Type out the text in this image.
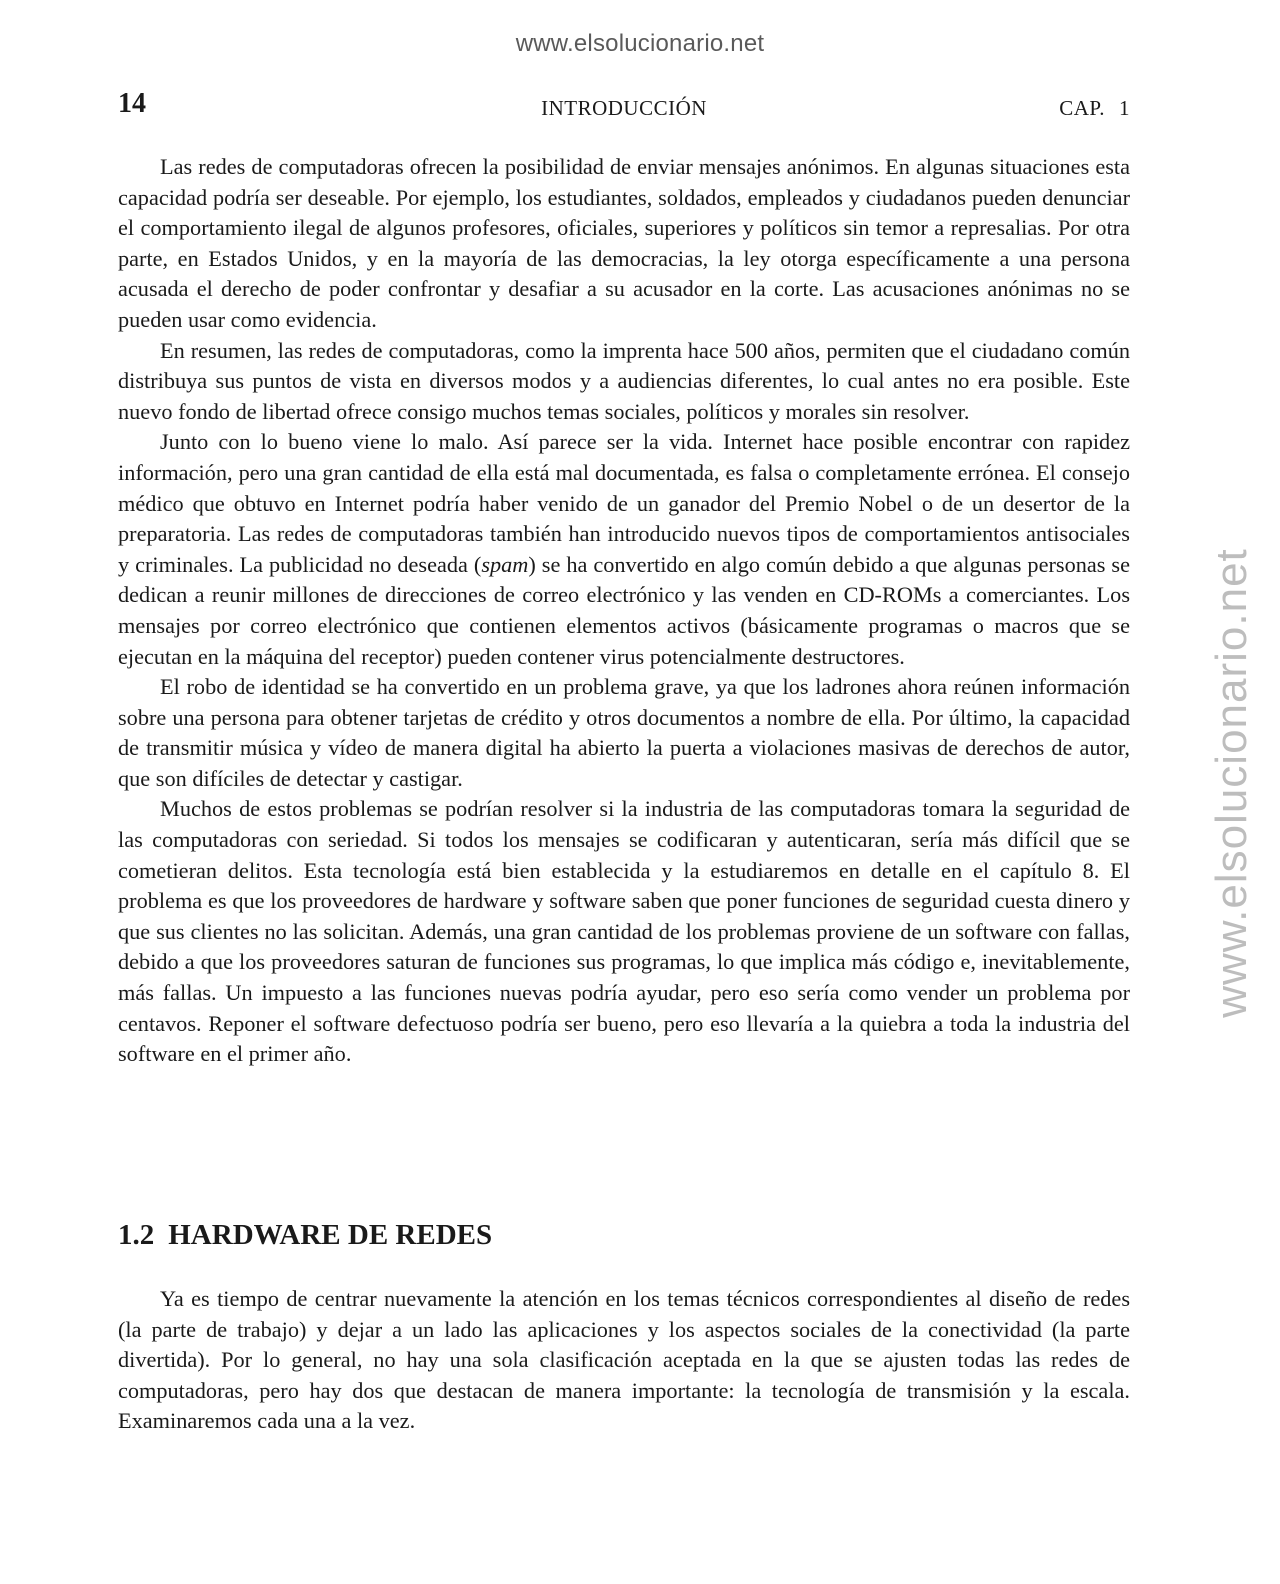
www.elsolucionario.net
www.elsolucionario.net
14	INTRODUCCIÓN	CAP. 1

Las redes de computadoras ofrecen la posibilidad de enviar mensajes anónimos. En algunas situaciones esta capacidad podría ser deseable. Por ejemplo, los estudiantes, soldados, empleados y ciudadanos pueden denunciar el comportamiento ilegal de algunos profesores, oficiales, superiores y políticos sin temor a represalias. Por otra parte, en Estados Unidos, y en la mayoría de las democracias, la ley otorga específicamente a una persona acusada el derecho de poder confrontar y desafiar a su acusador en la corte. Las acusaciones anónimas no se pueden usar como evidencia.

En resumen, las redes de computadoras, como la imprenta hace 500 años, permiten que el ciudadano común distribuya sus puntos de vista en diversos modos y a audiencias diferentes, lo cual antes no era posible. Este nuevo fondo de libertad ofrece consigo muchos temas sociales, políticos y morales sin resolver.

Junto con lo bueno viene lo malo. Así parece ser la vida. Internet hace posible encontrar con rapidez información, pero una gran cantidad de ella está mal documentada, es falsa o completamente errónea. El consejo médico que obtuvo en Internet podría haber venido de un ganador del Premio Nobel o de un desertor de la preparatoria. Las redes de computadoras también han introducido nuevos tipos de comportamientos antisociales y criminales. La publicidad no deseada (spam) se ha convertido en algo común debido a que algunas personas se dedican a reunir millones de direcciones de correo electrónico y las venden en CD-ROMs a comerciantes. Los mensajes por correo electrónico que contienen elementos activos (básicamente programas o macros que se ejecutan en la máquina del receptor) pueden contener virus potencialmente destructores.

El robo de identidad se ha convertido en un problema grave, ya que los ladrones ahora reúnen información sobre una persona para obtener tarjetas de crédito y otros documentos a nombre de ella. Por último, la capacidad de transmitir música y vídeo de manera digital ha abierto la puerta a violaciones masivas de derechos de autor, que son difíciles de detectar y castigar.

Muchos de estos problemas se podrían resolver si la industria de las computadoras tomara la seguridad de las computadoras con seriedad. Si todos los mensajes se codificaran y autenticaran, sería más difícil que se cometieran delitos. Esta tecnología está bien establecida y la estudiaremos en detalle en el capítulo 8. El problema es que los proveedores de hardware y software saben que poner funciones de seguridad cuesta dinero y que sus clientes no las solicitan. Además, una gran cantidad de los problemas proviene de un software con fallas, debido a que los proveedores saturan de funciones sus programas, lo que implica más código e, inevitablemente, más fallas. Un impuesto a las funciones nuevas podría ayudar, pero eso sería como vender un problema por centavos. Reponer el software defectuoso podría ser bueno, pero eso llevaría a la quiebra a toda la industria del software en el primer año.

1.2 HARDWARE DE REDES

Ya es tiempo de centrar nuevamente la atención en los temas técnicos correspondientes al diseño de redes (la parte de trabajo) y dejar a un lado las aplicaciones y los aspectos sociales de la conectividad (la parte divertida). Por lo general, no hay una sola clasificación aceptada en la que se ajusten todas las redes de computadoras, pero hay dos que destacan de manera importante: la tecnología de transmisión y la escala. Examinaremos cada una a la vez.
